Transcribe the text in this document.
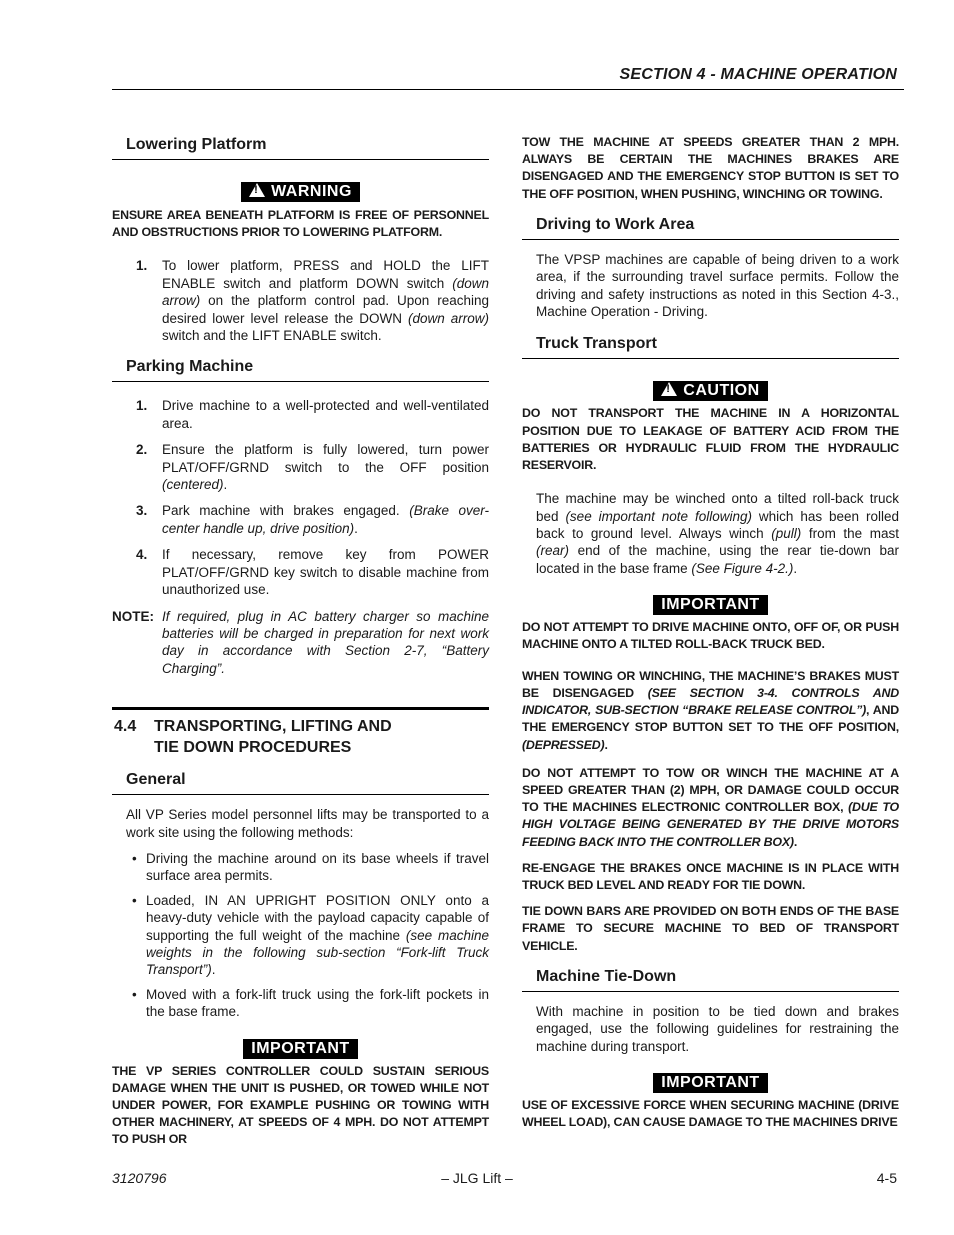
SECTION 4 - MACHINE OPERATION
Lowering Platform
!WARNING

ENSURE AREA BENEATH PLATFORM IS FREE OF PERSONNEL AND OBSTRUCTIONS PRIOR TO LOWERING PLATFORM.

1. To lower platform, PRESS and HOLD the LIFT ENABLE switch and platform DOWN switch (down arrow) on the platform control pad. Upon reaching desired lower level release the DOWN (down arrow) switch and the LIFT ENABLE switch.
Parking Machine
1. Drive machine to a well-protected and well-ventilated area.
2. Ensure the platform is fully lowered, turn power PLAT/OFF/GRND switch to the OFF position (centered).
3. Park machine with brakes engaged. (Brake over-center handle up, drive position).
4. If necessary, remove key from POWER PLAT/OFF/GRND key switch to disable machine from unauthorized use.

NOTE: If required, plug in AC battery charger so machine batteries will be charged in preparation for next work day in accordance with Section 2-7, “Battery Charging”.

4.4 TRANSPORTING, LIFTING AND
TIE DOWN PROCEDURES
General

All VP Series model personnel lifts may be transported to a work site using the following methods:

• Driving the machine around on its base wheels if travel surface area permits.
• Loaded, IN AN UPRIGHT POSITION ONLY onto a heavy-duty vehicle with the payload capacity capable of supporting the full weight of the machine (see machine weights in the following sub-section “Fork-lift Truck Transport”).
• Moved with a fork-lift truck using the fork-lift pockets in the base frame.
IMPORTANT

THE VP SERIES CONTROLLER COULD SUSTAIN SERIOUS DAMAGE WHEN THE UNIT IS PUSHED, OR TOWED WHILE NOT UNDER POWER, FOR EXAMPLE PUSHING OR TOWING WITH OTHER MACHINERY, AT SPEEDS OF 4 MPH. DO NOT ATTEMPT TO PUSH OR

TOW THE MACHINE AT SPEEDS GREATER THAN 2 MPH. ALWAYS BE CERTAIN THE MACHINES BRAKES ARE DISENGAGED AND THE EMERGENCY STOP BUTTON IS SET TO THE OFF POSITION, WHEN PUSHING, WINCHING OR TOWING.

Driving to Work Area

The VPSP machines are capable of being driven to a work area, if the surrounding travel surface permits. Follow the driving and safety instructions as noted in this Section 4-3., Machine Operation - Driving.

Truck Transport
!CAUTION

DO NOT TRANSPORT THE MACHINE IN A HORIZONTAL POSITION DUE TO LEAKAGE OF BATTERY ACID FROM THE BATTERIES OR HYDRAULIC FLUID FROM THE HYDRAULIC RESERVOIR.

The machine may be winched onto a tilted roll-back truck bed (see important note following) which has been rolled back to ground level. Always winch (pull) from the mast (rear) end of the machine, using the rear tie-down bar located in the base frame (See Figure 4-2.).

IMPORTANT

DO NOT ATTEMPT TO DRIVE MACHINE ONTO, OFF OF, OR PUSH MACHINE ONTO A TILTED ROLL-BACK TRUCK BED.

WHEN TOWING OR WINCHING, THE MACHINE’S BRAKES MUST BE DISENGAGED (SEE SECTION 3-4. CONTROLS AND INDICATOR, SUB-SECTION “BRAKE RELEASE CONTROL”), AND THE EMERGENCY STOP BUTTON SET TO THE OFF POSITION, (DEPRESSED).

DO NOT ATTEMPT TO TOW OR WINCH THE MACHINE AT A SPEED GREATER THAN (2) MPH, OR DAMAGE COULD OCCUR TO THE MACHINES ELECTRONIC CONTROLLER BOX, (DUE TO HIGH VOLTAGE BEING GENERATED BY THE DRIVE MOTORS FEEDING BACK INTO THE CONTROLLER BOX).

RE-ENGAGE THE BRAKES ONCE MACHINE IS IN PLACE WITH TRUCK BED LEVEL AND READY FOR TIE DOWN.

TIE DOWN BARS ARE PROVIDED ON BOTH ENDS OF THE BASE FRAME TO SECURE MACHINE TO BED OF TRANSPORT VEHICLE.

Machine Tie-Down

With machine in position to be tied down and brakes engaged, use the following guidelines for restraining the machine during transport.

IMPORTANT

USE OF EXCESSIVE FORCE WHEN SECURING MACHINE (DRIVE WHEEL LOAD), CAN CAUSE DAMAGE TO THE MACHINES DRIVE

3120796	– JLG Lift –	4-5
